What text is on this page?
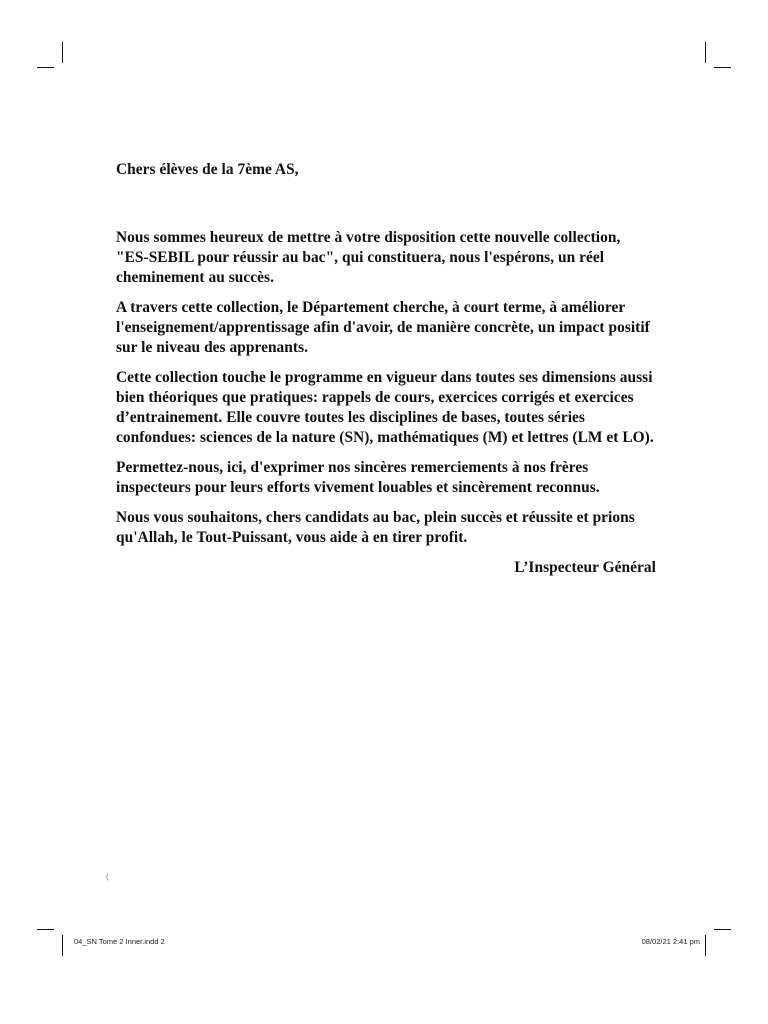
Chers élèves de la 7ème AS,

Nous sommes heureux de mettre à votre disposition cette nouvelle collection, "ES-SEBIL pour réussir au bac", qui constituera, nous l'espérons, un réel cheminement au succès.

A travers cette collection, le Département cherche, à court terme, à améliorer l'enseignement/apprentissage afin d'avoir, de manière concrète, un impact positif sur le niveau des apprenants.

Cette collection touche le programme en vigueur dans toutes ses dimensions aussi bien théoriques que pratiques: rappels de cours, exercices corrigés et exercices d’entrainement. Elle couvre toutes les disciplines de bases, toutes séries confondues: sciences de la nature (SN), mathématiques (M) et lettres (LM et LO).

Permettez-nous, ici, d'exprimer nos sincères remerciements à nos frères inspecteurs pour leurs efforts vivement louables et sincèrement reconnus.

Nous vous souhaitons, chers candidats au bac, plein succès et réussite et prions qu'Allah, le Tout-Puissant, vous aide à en tirer profit.

L’Inspecteur Général

(
04_SN Tome 2 Inner.indd 2	08/02/21 2:41 pm
